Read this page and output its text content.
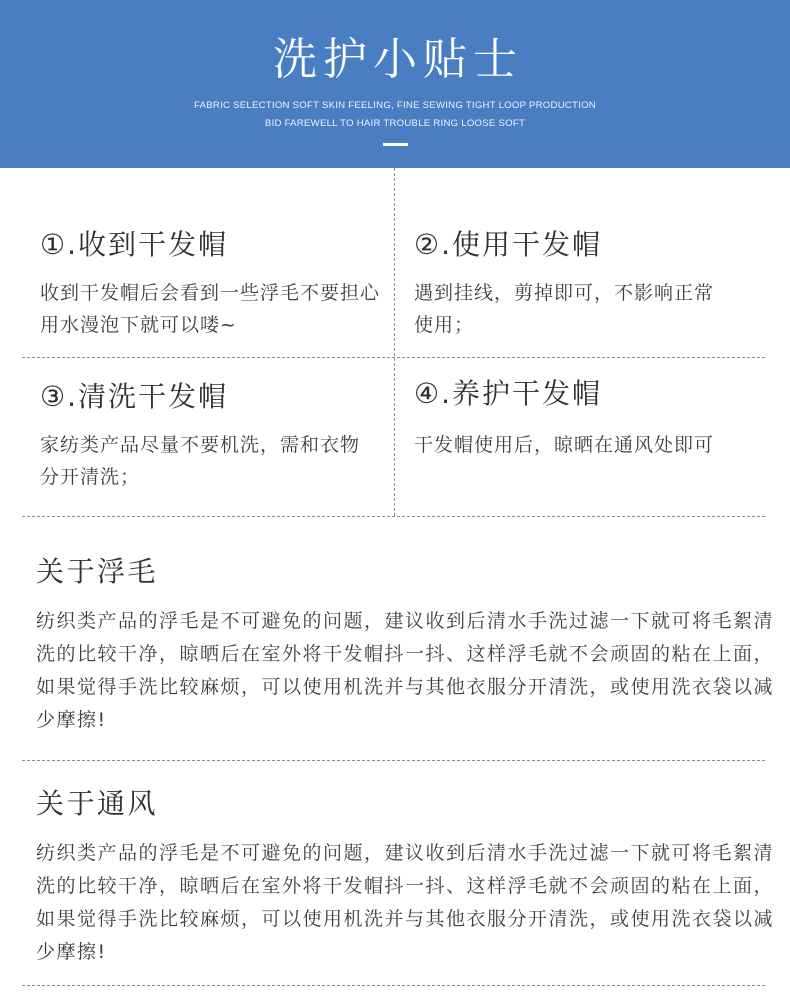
洗护小贴士
FABRIC SELECTION SOFT SKIN FEELING, FINE SEWING TIGHT LOOP PRODUCTION
BID FAREWELL TO HAIR TROUBLE RING LOOSE SOFT
①.收到干发帽
收到干发帽后会看到一些浮毛不要担心
用水漫泡下就可以喽~
②.使用干发帽
遇到挂线，剪掉即可，不影响正常
使用；
③.清洗干发帽
家纺类产品尽量不要机洗，需和衣物
分开清洗；
④.养护干发帽
干发帽使用后，晾晒在通风处即可
关于浮毛
纺织类产品的浮毛是不可避免的问题，建议收到后清水手洗过滤一下就可将毛絮清
洗的比较干净，晾晒后在室外将干发帽抖一抖、这样浮毛就不会顽固的粘在上面，
如果觉得手洗比较麻烦，可以使用机洗并与其他衣服分开清洗，或使用洗衣袋以减
少摩擦!
关于通风
纺织类产品的浮毛是不可避免的问题，建议收到后清水手洗过滤一下就可将毛絮清
洗的比较干净，晾晒后在室外将干发帽抖一抖、这样浮毛就不会顽固的粘在上面，
如果觉得手洗比较麻烦，可以使用机洗并与其他衣服分开清洗，或使用洗衣袋以减
少摩擦!
